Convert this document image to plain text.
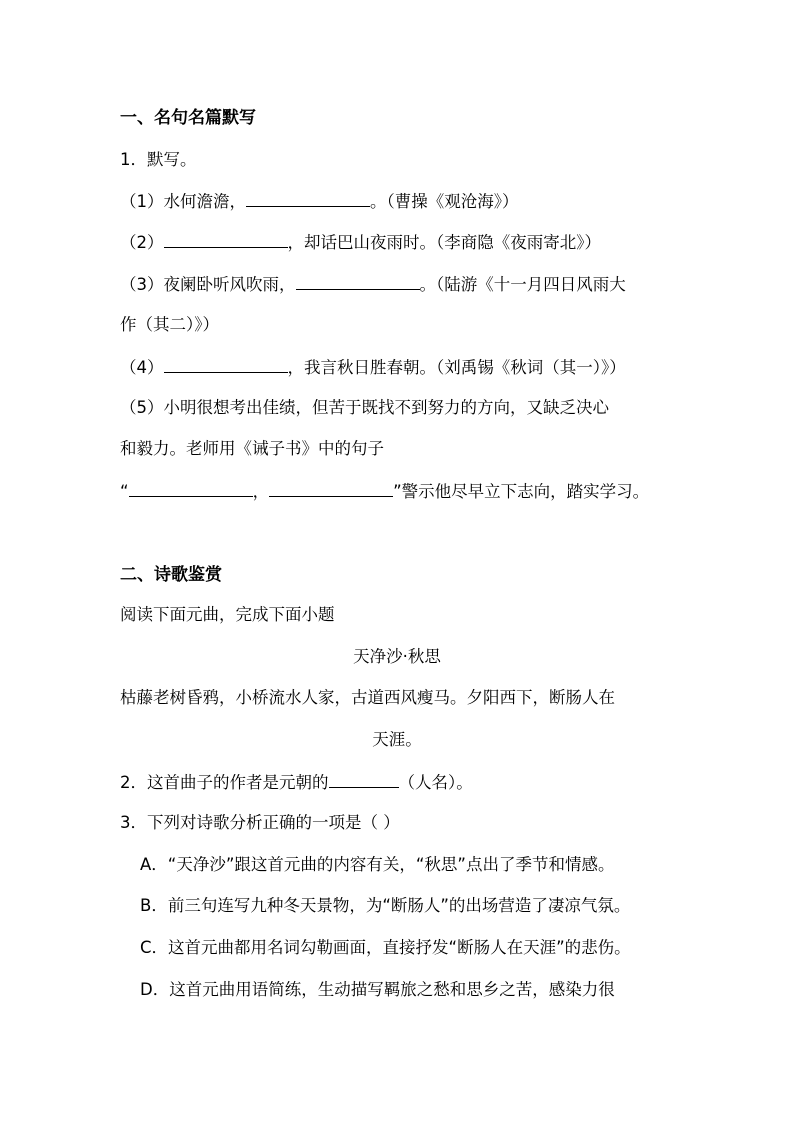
一、名句名篇默写
1．默写。
（1）水何澹澹，	。（曹操《观沧海》）
（2）	，却话巴山夜雨时。（李商隐《夜雨寄北》）
（3）夜阑卧听风吹雨，	。（陆游《十一月四日风雨大
作（其二）》）
（4）	，我言秋日胜春朝。（刘禹锡《秋词（其一）》）
（5）小明很想考出佳绩，但苦于既找不到努力的方向，又缺乏决心
和毅力。老师用《诫子书》中的句子
“	，	”警示他尽早立下志向，踏实学习。
二、诗歌鉴赏
阅读下面元曲，完成下面小题
天净沙·秋思
枯藤老树昏鸦，小桥流水人家，古道西风瘦马。夕阳西下，断肠人在
天涯。
2．这首曲子的作者是元朝的	（人名）。
3．下列对诗歌分析正确的一项是（ ）
A．“天净沙”跟这首元曲的内容有关，“秋思”点出了季节和情感。
B．前三句连写九种冬天景物，为“断肠人”的出场营造了凄凉气氛。
C．这首元曲都用名词勾勒画面，直接抒发“断肠人在天涯”的悲伤。
D．这首元曲用语简练，生动描写羁旅之愁和思乡之苦，感染力很
